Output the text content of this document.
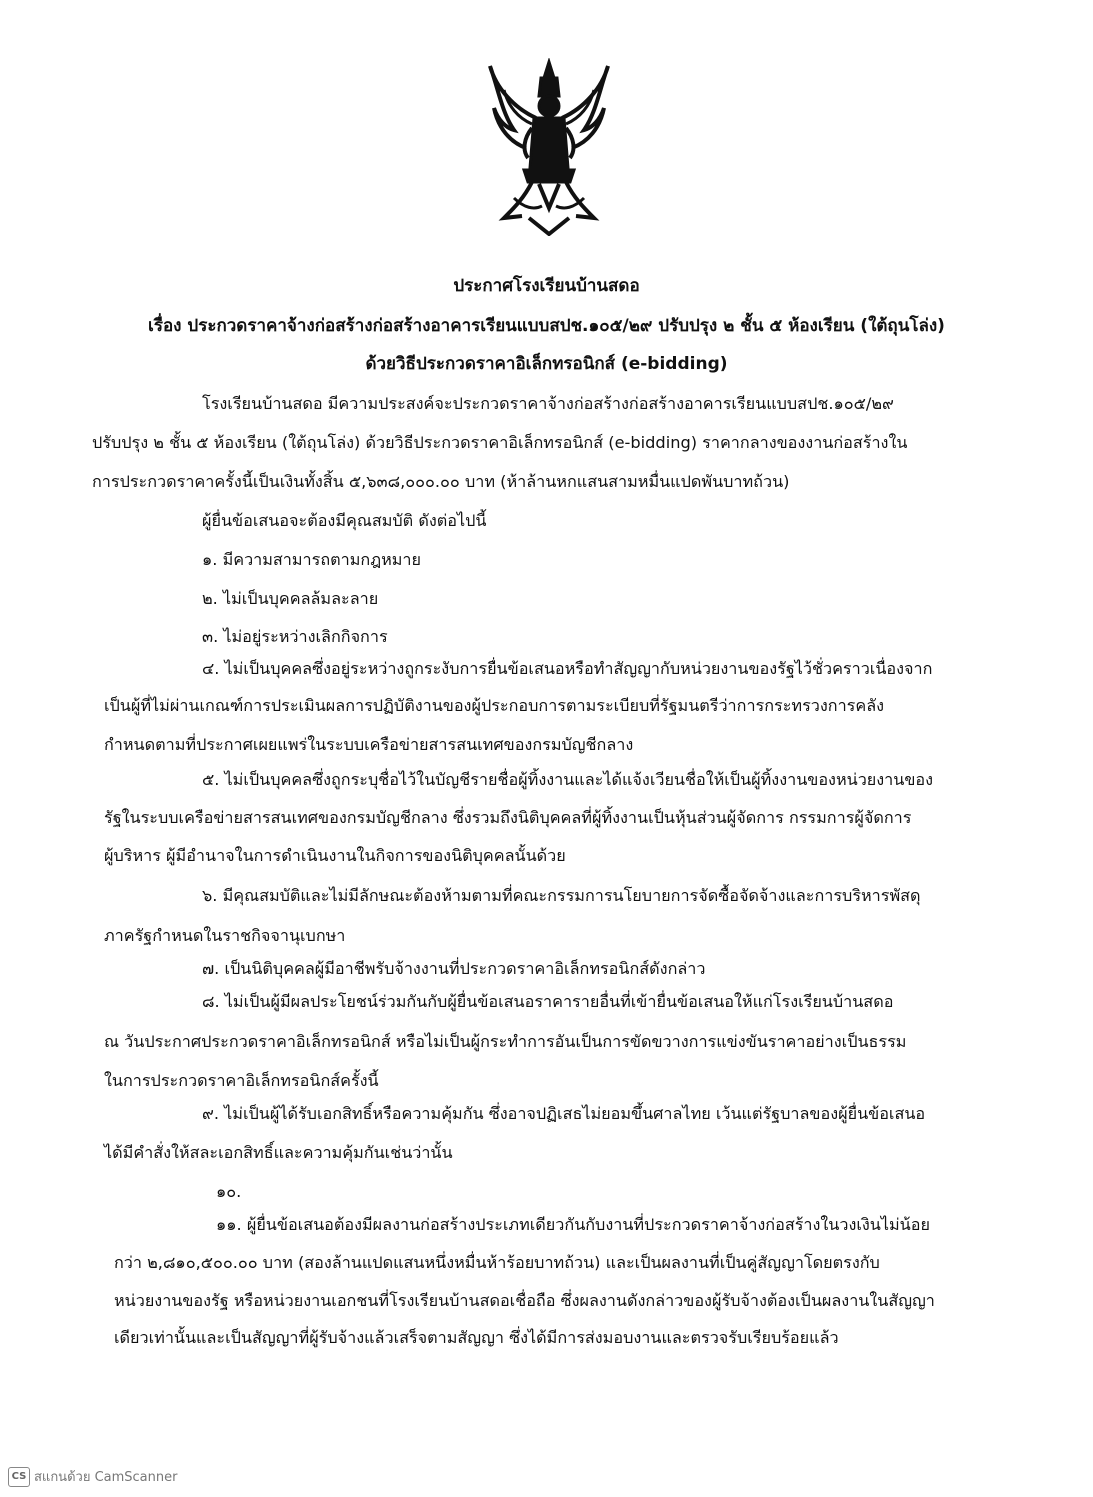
ประกาศโรงเรียนบ้านสดอ
เรื่อง ประกวดราคาจ้างก่อสร้างก่อสร้างอาคารเรียนแบบสปช.๑๐๕/๒๙ ปรับปรุง ๒ ชั้น ๕ ห้องเรียน (ใต้ถุนโล่ง)
ด้วยวิธีประกวดราคาอิเล็กทรอนิกส์ (e-bidding)
โรงเรียนบ้านสดอ มีความประสงค์จะประกวดราคาจ้างก่อสร้างก่อสร้างอาคารเรียนแบบสปช.๑๐๕/๒๙
ปรับปรุง ๒ ชั้น ๕ ห้องเรียน (ใต้ถุนโล่ง) ด้วยวิธีประกวดราคาอิเล็กทรอนิกส์ (e-bidding) ราคากลางของงานก่อสร้างใน
การประกวดราคาครั้งนี้เป็นเงินทั้งสิ้น ๕,๖๓๘,๐๐๐.๐๐ บาท (ห้าล้านหกแสนสามหมื่นแปดพันบาทถ้วน)
ผู้ยื่นข้อเสนอจะต้องมีคุณสมบัติ ดังต่อไปนี้
๑. มีความสามารถตามกฎหมาย
๒. ไม่เป็นบุคคลล้มละลาย
๓. ไม่อยู่ระหว่างเลิกกิจการ
๔. ไม่เป็นบุคคลซึ่งอยู่ระหว่างถูกระงับการยื่นข้อเสนอหรือทำสัญญากับหน่วยงานของรัฐไว้ชั่วคราวเนื่องจาก
เป็นผู้ที่ไม่ผ่านเกณฑ์การประเมินผลการปฏิบัติงานของผู้ประกอบการตามระเบียบที่รัฐมนตรีว่าการกระทรวงการคลัง
กำหนดตามที่ประกาศเผยแพร่ในระบบเครือข่ายสารสนเทศของกรมบัญชีกลาง
๕. ไม่เป็นบุคคลซึ่งถูกระบุชื่อไว้ในบัญชีรายชื่อผู้ทิ้งงานและได้แจ้งเวียนชื่อให้เป็นผู้ทิ้งงานของหน่วยงานของ
รัฐในระบบเครือข่ายสารสนเทศของกรมบัญชีกลาง ซึ่งรวมถึงนิติบุคคลที่ผู้ทิ้งงานเป็นหุ้นส่วนผู้จัดการ กรรมการผู้จัดการ
ผู้บริหาร ผู้มีอำนาจในการดำเนินงานในกิจการของนิติบุคคลนั้นด้วย
๖. มีคุณสมบัติและไม่มีลักษณะต้องห้ามตามที่คณะกรรมการนโยบายการจัดซื้อจัดจ้างและการบริหารพัสดุ
ภาครัฐกำหนดในราชกิจจานุเบกษา
๗. เป็นนิติบุคคลผู้มีอาชีพรับจ้างงานที่ประกวดราคาอิเล็กทรอนิกส์ดังกล่าว
๘. ไม่เป็นผู้มีผลประโยชน์ร่วมกันกับผู้ยื่นข้อเสนอราคารายอื่นที่เข้ายื่นข้อเสนอให้แก่โรงเรียนบ้านสดอ
ณ วันประกาศประกวดราคาอิเล็กทรอนิกส์ หรือไม่เป็นผู้กระทำการอันเป็นการขัดขวางการแข่งขันราคาอย่างเป็นธรรม
ในการประกวดราคาอิเล็กทรอนิกส์ครั้งนี้
๙. ไม่เป็นผู้ได้รับเอกสิทธิ์หรือความคุ้มกัน ซึ่งอาจปฏิเสธไม่ยอมขึ้นศาลไทย เว้นแต่รัฐบาลของผู้ยื่นข้อเสนอ
ได้มีคำสั่งให้สละเอกสิทธิ์และความคุ้มกันเช่นว่านั้น
๑๐.
๑๑. ผู้ยื่นข้อเสนอต้องมีผลงานก่อสร้างประเภทเดียวกันกับงานที่ประกวดราคาจ้างก่อสร้างในวงเงินไม่น้อย
กว่า ๒,๘๑๐,๕๐๐.๐๐ บาท (สองล้านแปดแสนหนึ่งหมื่นห้าร้อยบาทถ้วน) และเป็นผลงานที่เป็นคู่สัญญาโดยตรงกับ
หน่วยงานของรัฐ หรือหน่วยงานเอกชนที่โรงเรียนบ้านสดอเชื่อถือ ซึ่งผลงานดังกล่าวของผู้รับจ้างต้องเป็นผลงานในสัญญา
เดียวเท่านั้นและเป็นสัญญาที่ผู้รับจ้างแล้วเสร็จตามสัญญา ซึ่งได้มีการส่งมอบงานและตรวจรับเรียบร้อยแล้ว
CS สแกนด้วย CamScanner
